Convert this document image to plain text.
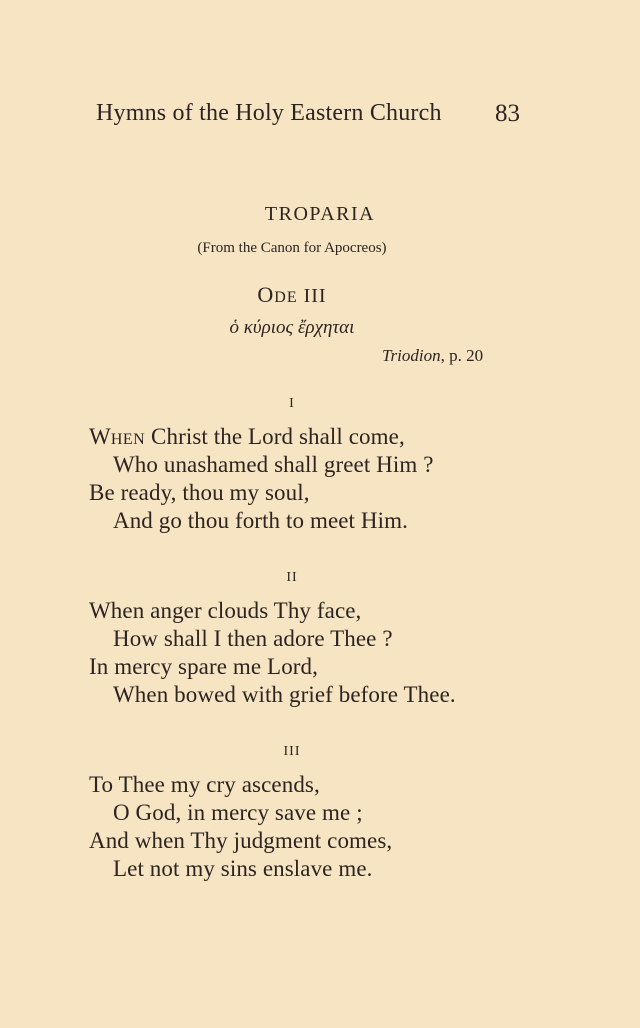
Hymns of the Holy Eastern Church 83

TROPARIA

(From the Canon for Apocreos)

ODE III

ὁ κύριος ἔρχηται

Triodion, p. 20

I

WHEN Christ the Lord shall come,

Who unashamed shall greet Him ?

Be ready, thou my soul,

And go thou forth to meet Him.

II

When anger clouds Thy face,

How shall I then adore Thee ?

In mercy spare me Lord,

When bowed with grief before Thee.

III

To Thee my cry ascends,

O God, in mercy save me ;

And when Thy judgment comes,

Let not my sins enslave me.
